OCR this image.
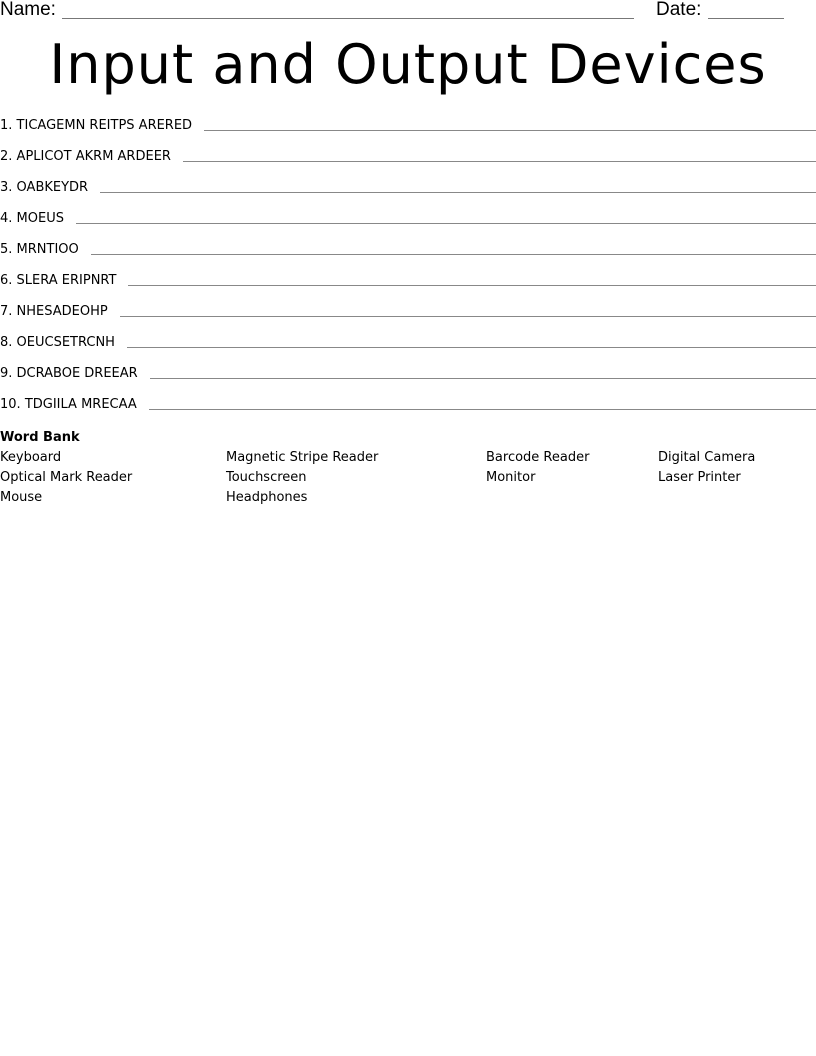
Name:	Date:
Input and Output Devices
1. TICAGEMN REITPS ARERED
2. APLICOT AKRM ARDEER
3. OABKEYDR
4. MOEUS
5. MRNTIOO
6. SLERA ERIPNRT
7. NHESADEOHP
8. OEUCSETRCNH
9. DCRABOE DREEAR
10. TDGIILA MRECAA
Word Bank
Keyboard	Magnetic Stripe Reader	Barcode Reader	Digital Camera
Optical Mark Reader	Touchscreen	Monitor	Laser Printer
Mouse	Headphones
